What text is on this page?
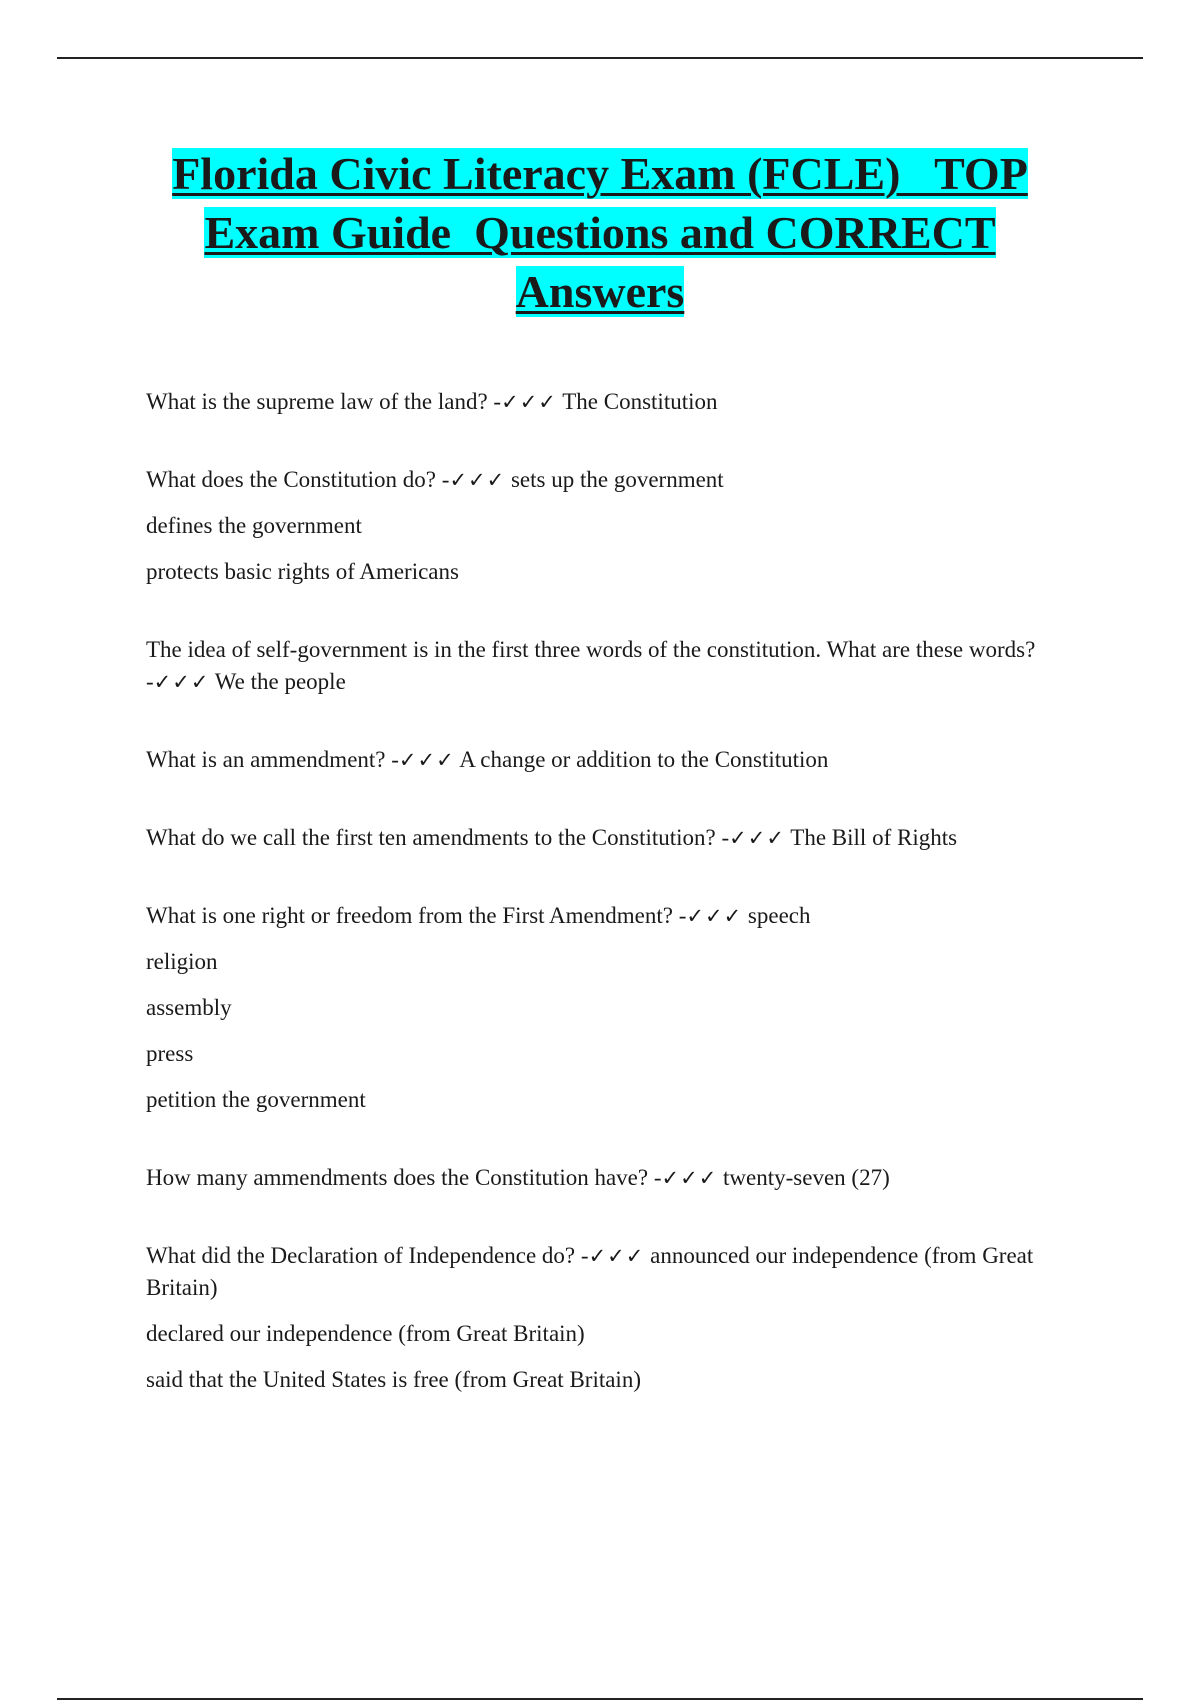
Florida Civic Literacy Exam (FCLE)   TOP
Exam Guide  Questions and CORRECT
Answers

What is the supreme law of the land? -✓✓✓ The Constitution

What does the Constitution do? -✓✓✓ sets up the government

defines the government

protects basic rights of Americans

The idea of self-government is in the first three words of the constitution. What are these words? -✓✓✓ We the people

What is an ammendment? -✓✓✓ A change or addition to the Constitution

What do we call the first ten amendments to the Constitution? -✓✓✓ The Bill of Rights

What is one right or freedom from the First Amendment? -✓✓✓ speech

religion

assembly

press

petition the government

How many ammendments does the Constitution have? -✓✓✓ twenty-seven (27)

What did the Declaration of Independence do? -✓✓✓ announced our independence (from Great Britain)

declared our independence (from Great Britain)

said that the United States is free (from Great Britain)
